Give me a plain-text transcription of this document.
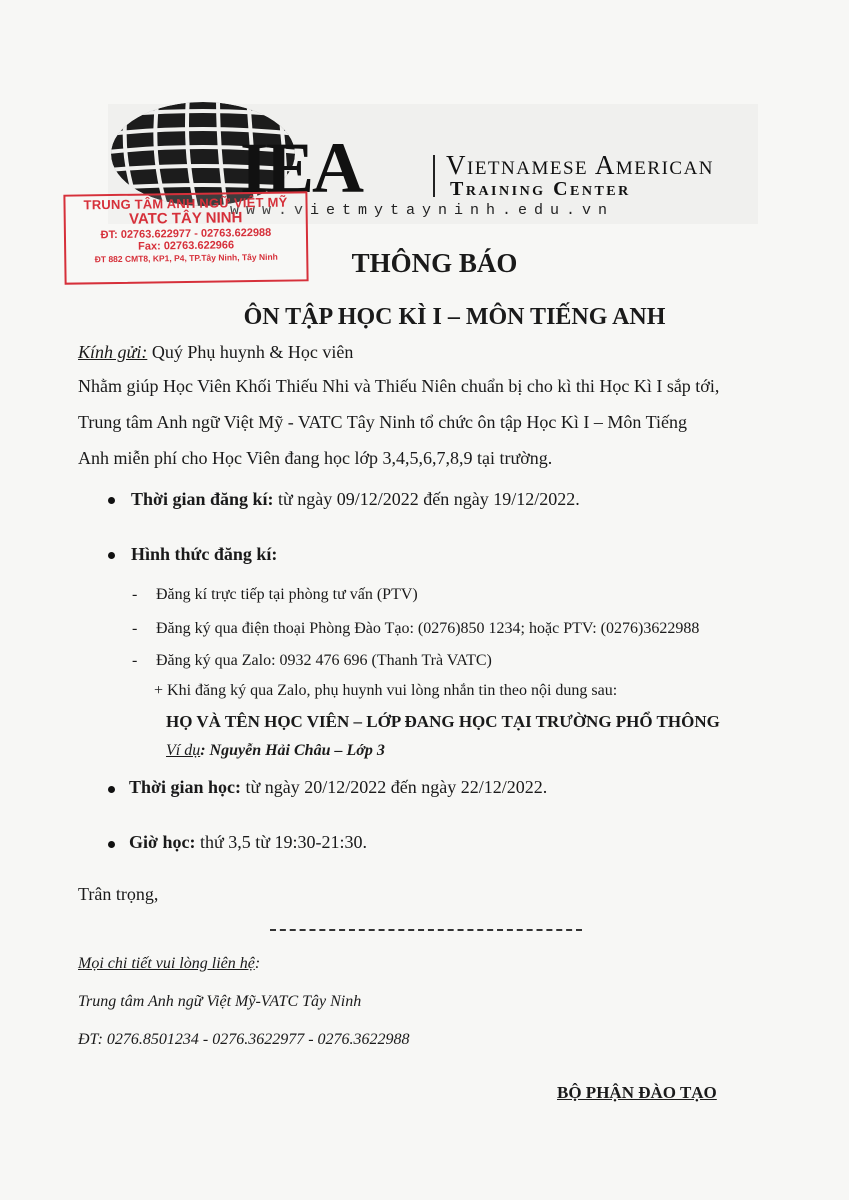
IEA	Vietnamese American
Training Center
www.vietmytayninh.edu.vn
TRUNG TÂM ANH NGỮ VIỆT MỸ
VATC TÂY NINH
ĐT: 02763.622977 - 02763.622988
Fax: 02763.622966
ĐT 882 CMT8, KP1, P4, TP.Tây Ninh, Tây Ninh	THÔNG BÁO
ÔN TẬP HỌC KÌ I – MÔN TIẾNG ANH
Kính gửi: Quý Phụ huynh & Học viên
Nhằm giúp Học Viên Khối Thiếu Nhi và Thiếu Niên chuẩn bị cho kì thi Học Kì I sắp tới,
Trung tâm Anh ngữ Việt Mỹ - VATC Tây Ninh tổ chức ôn tập Học Kì I – Môn Tiếng
Anh miễn phí cho Học Viên đang học lớp 3,4,5,6,7,8,9 tại trường.
Thời gian đăng kí: từ ngày 09/12/2022 đến ngày 19/12/2022.
Hình thức đăng kí:
- Đăng kí trực tiếp tại phòng tư vấn (PTV)
- Đăng ký qua điện thoại Phòng Đào Tạo: (0276)850 1234; hoặc PTV: (0276)3622988
- Đăng ký qua Zalo: 0932 476 696 (Thanh Trà VATC)
+ Khi đăng ký qua Zalo, phụ huynh vui lòng nhắn tin theo nội dung sau:
HỌ VÀ TÊN HỌC VIÊN – LỚP ĐANG HỌC TẠI TRƯỜNG PHỔ THÔNG
Ví dụ: Nguyễn Hải Châu – Lớp 3
Thời gian học: từ ngày 20/12/2022 đến ngày 22/12/2022.
Giờ học: thứ 3,5 từ 19:30-21:30.
Trân trọng,
Mọi chi tiết vui lòng liên hệ:
Trung tâm Anh ngữ Việt Mỹ-VATC Tây Ninh
ĐT: 0276.8501234 - 0276.3622977 - 0276.3622988
BỘ PHẬN ĐÀO TẠO
